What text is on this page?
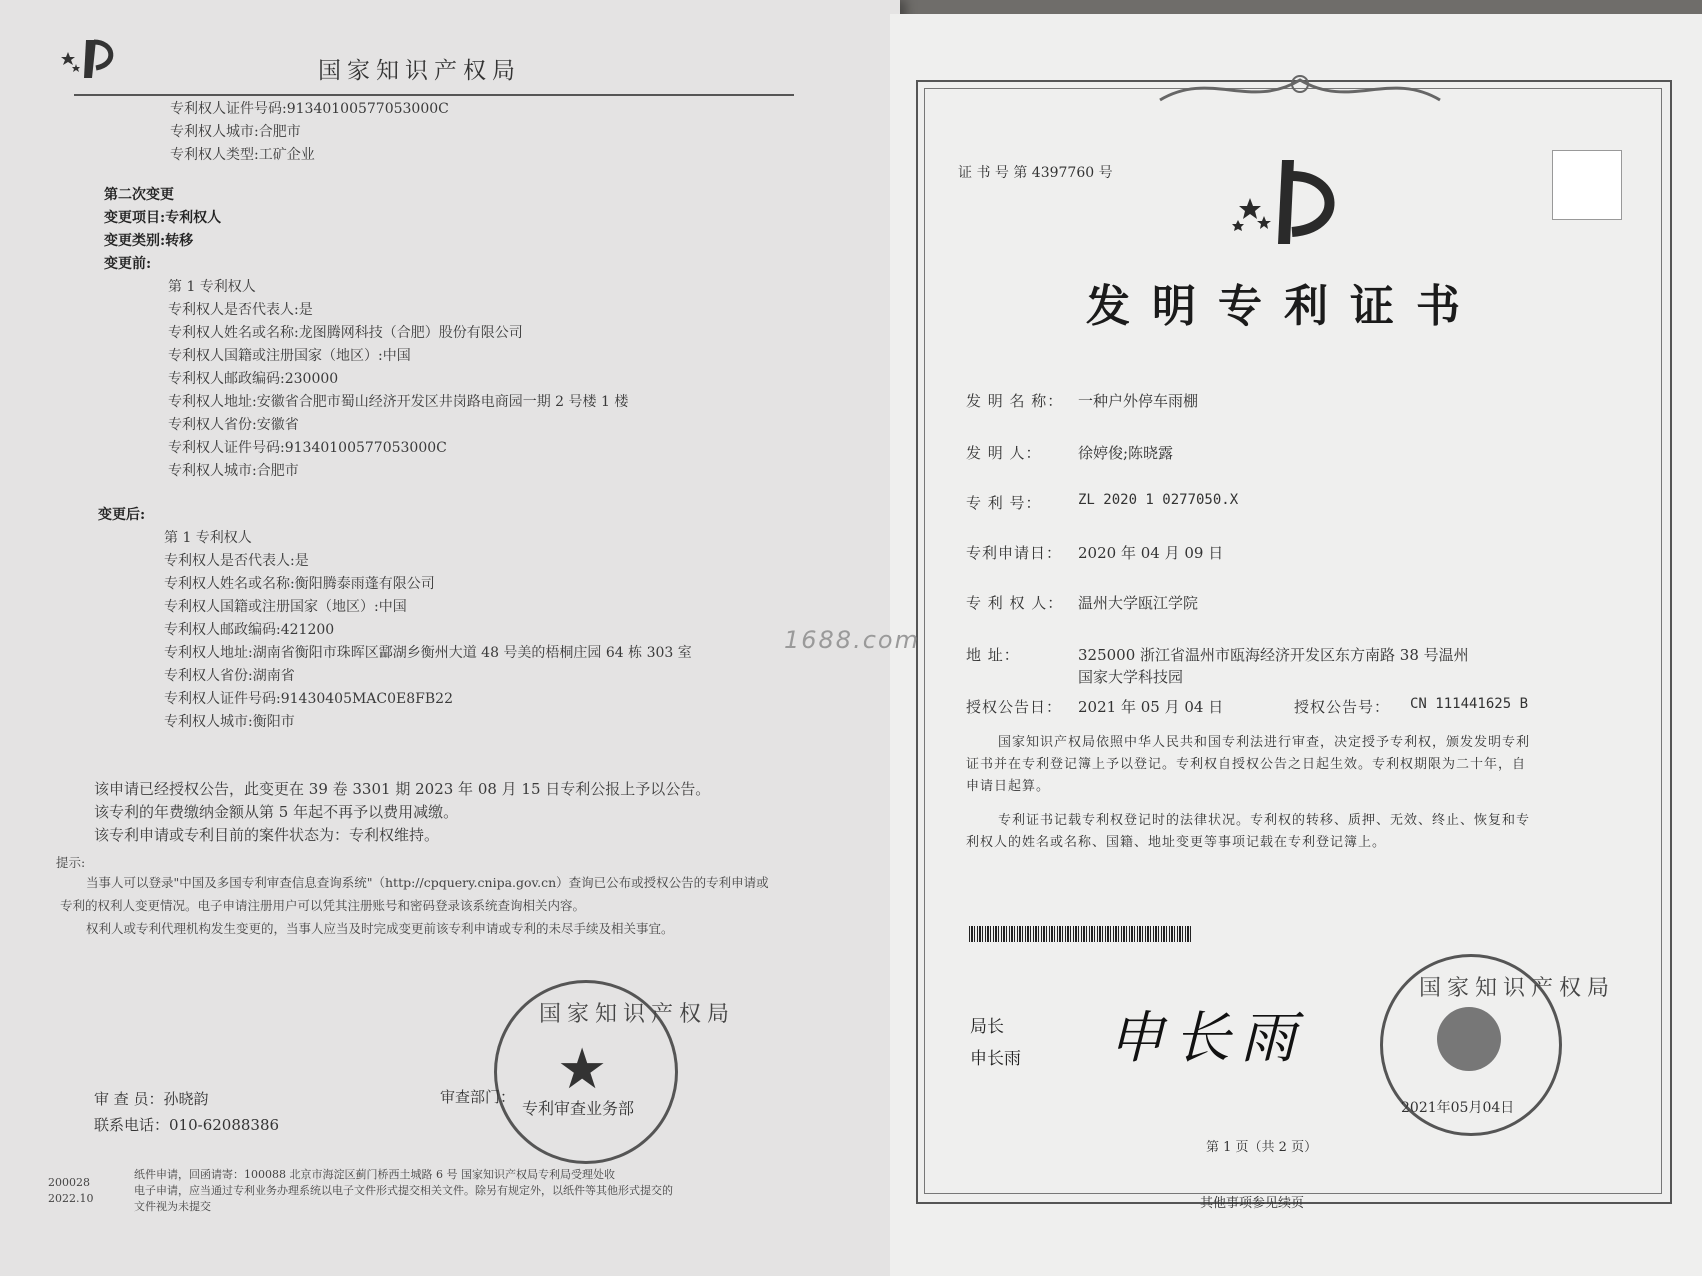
国家知识产权局
专利权人证件号码:91340100577053000C
专利权人城市:合肥市
专利权人类型:工矿企业
第二次变更
变更项目:专利权人
变更类别:转移
变更前:
第 1 专利权人
专利权人是否代表人:是
专利权人姓名或名称:龙图腾网科技（合肥）股份有限公司
专利权人国籍或注册国家（地区）:中国
专利权人邮政编码:230000
专利权人地址:安徽省合肥市蜀山经济开发区井岗路电商园一期 2 号楼 1 楼
专利权人省份:安徽省
专利权人证件号码:91340100577053000C
专利权人城市:合肥市
变更后:
第 1 专利权人
专利权人是否代表人:是
专利权人姓名或名称:衡阳腾泰雨蓬有限公司
专利权人国籍或注册国家（地区）:中国
专利权人邮政编码:421200
专利权人地址:湖南省衡阳市珠晖区酃湖乡衡州大道 48 号美的梧桐庄园 64 栋 303 室
专利权人省份:湖南省
专利权人证件号码:91430405MAC0E8FB22
专利权人城市:衡阳市
该申请已经授权公告，此变更在 39 卷 3301 期 2023 年 08 月 15 日专利公报上予以公告。
该专利的年费缴纳金额从第 5 年起不再予以费用减缴。
该专利申请或专利目前的案件状态为：专利权维持。
提示:
当事人可以登录"中国及多国专利审查信息查询系统"（http://cpquery.cnipa.gov.cn）查询已公布或授权公告的专利申请或
专利的权利人变更情况。电子申请注册用户可以凭其注册账号和密码登录该系统查询相关内容。
权利人或专利代理机构发生变更的，当事人应当及时完成变更前该专利申请或专利的未尽手续及相关事宜。
国家知识产权局
★
审 查 员：孙晓韵
联系电话：010-62088386
审查部门：
专利审查业务部
200028
2022.10
纸件申请，回函请寄：100088 北京市海淀区蓟门桥西土城路 6 号 国家知识产权局专利局受理处收
电子申请，应当通过专利业务办理系统以电子文件形式提交相关文件。除另有规定外，以纸件等其他形式提交的
文件视为未提交
证 书 号 第 4397760 号
发明专利证书
发 明 名 称： 一种户外停车雨棚
发 明 人： 徐婷俊;陈晓露
专 利 号：	ZL 2020 1 0277050.X
专利申请日： 2020 年 04 月 09 日
专 利 权 人： 温州大学瓯江学院
地 址：	325000 浙江省温州市瓯海经济开发区东方南路 38 号温州
国家大学科技园
授权公告日： 2021 年 05 月 04 日	授权公告号： CN 111441625 B
国家知识产权局依照中华人民共和国专利法进行审查，决定授予专利权，颁发发明专利
证书并在专利登记簿上予以登记。专利权自授权公告之日起生效。专利权期限为二十年，自
申请日起算。
专利证书记载专利权登记时的法律状况。专利权的转移、质押、无效、终止、恢复和专
利权人的姓名或名称、国籍、地址变更等事项记载在专利登记簿上。
局长
申长雨 申长雨
国家知识产权局
2021年05月04日
第 1 页（共 2 页）
其他事项参见续页
1688.com
